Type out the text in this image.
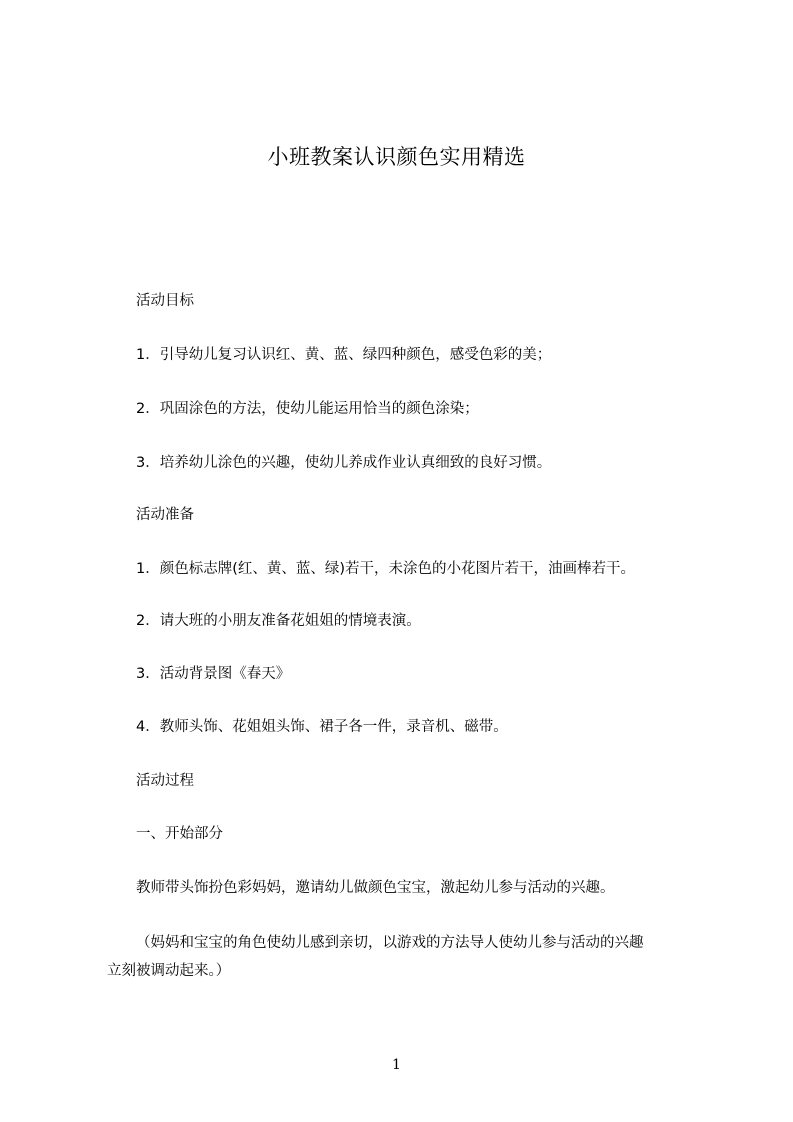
小班教案认识颜色实用精选
活动目标
1．引导幼儿复习认识红、黄、蓝、绿四种颜色，感受色彩的美；
2．巩固涂色的方法，使幼儿能运用恰当的颜色涂染；
3．培养幼儿涂色的兴趣，使幼儿养成作业认真细致的良好习惯。
活动准备
1．颜色标志牌(红、黄、蓝、绿)若干，未涂色的小花图片若干，油画棒若干。
2．请大班的小朋友准备花姐姐的情境表演。
3．活动背景图《春天》
4．教师头饰、花姐姐头饰、裙子各一件，录音机、磁带。
活动过程
一、开始部分
教师带头饰扮色彩妈妈，邀请幼儿做颜色宝宝，激起幼儿参与活动的兴趣。
（妈妈和宝宝的角色使幼儿感到亲切，以游戏的方法导人使幼儿参与活动的兴趣
立刻被调动起来。）
1
